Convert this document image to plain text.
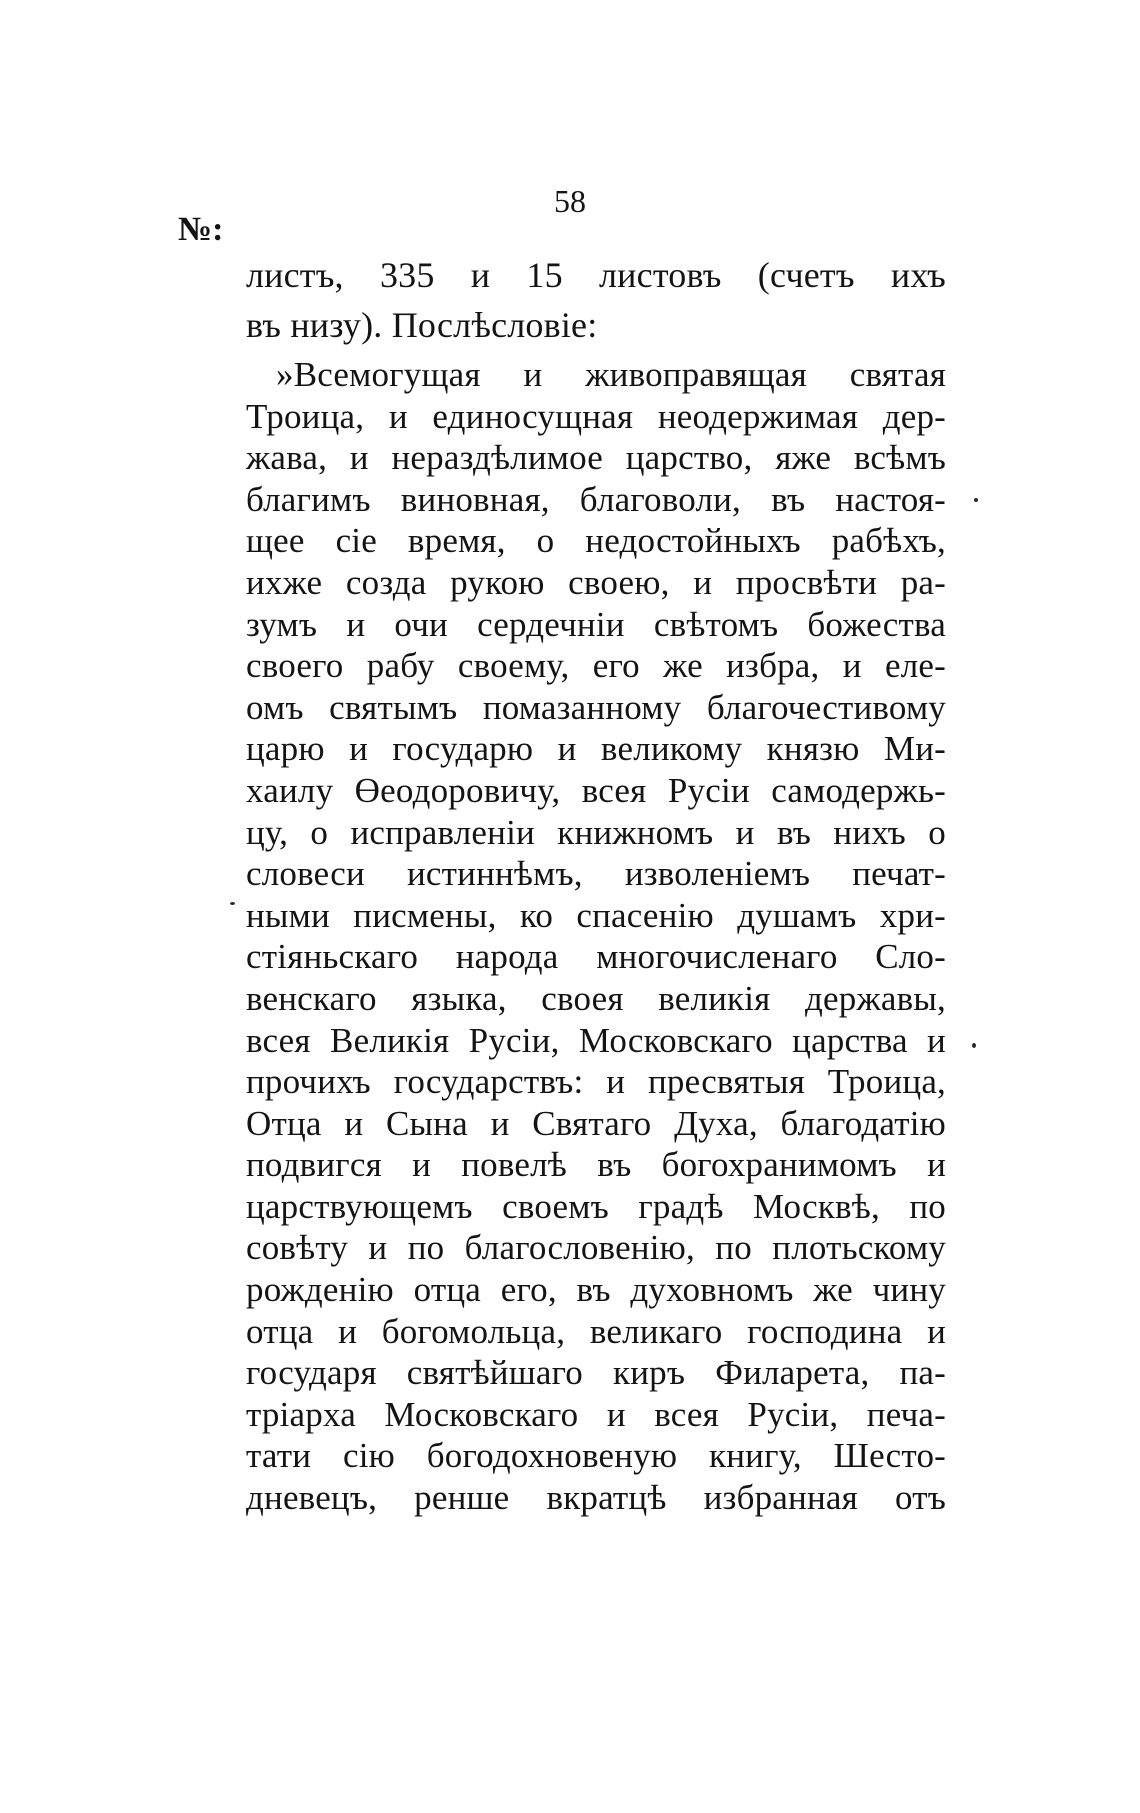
58
№:
листъ, 335 и 15 листовъ (счетъ ихъ
въ низу). Послѣсловіе:
»Всемогущая и живоправящая святая
Троица, и единосущная неодержимая дер-
жава, и нераздѣлимое царство, яже всѣмъ
благимъ виновная, благоволи, въ настоя-
щее сіе время, о недостойныхъ рабѣхъ,
ихже созда рукою своею, и просвѣти ра-
зумъ и очи сердечніи свѣтомъ божества
своего рабу своему, его же избра, и еле-
омъ святымъ помазанному благочестивому
царю и государю и великому князю Ми-
хаилу Өеодоровичу, всея Русіи самодержь-
цу, о исправленіи книжномъ и въ нихъ о
словеси истиннѣмъ, изволеніемъ печат-
ными писмены, ко спасенію душамъ хри-
стіяньскаго народа многочисленаго Сло-
венскаго языка, своея великія державы,
всея Великія Русіи, Московскаго царства и
прочихъ государствъ: и пресвятыя Троица,
Отца и Сына и Святаго Духа, благодатію
подвигся и повелѣ въ богохранимомъ и
царствующемъ своемъ градѣ Москвѣ, по
совѣту и по благословенію, по плотьскому
рожденію отца его, въ духовномъ же чину
отца и богомольца, великаго господина и
государя святѣйшаго киръ Филарета, па-
тріарха Московскаго и всея Русіи, печа-
тати сію богодохновеную книгу, Шесто-
дневецъ, ренше вкратцѣ избранная отъ
